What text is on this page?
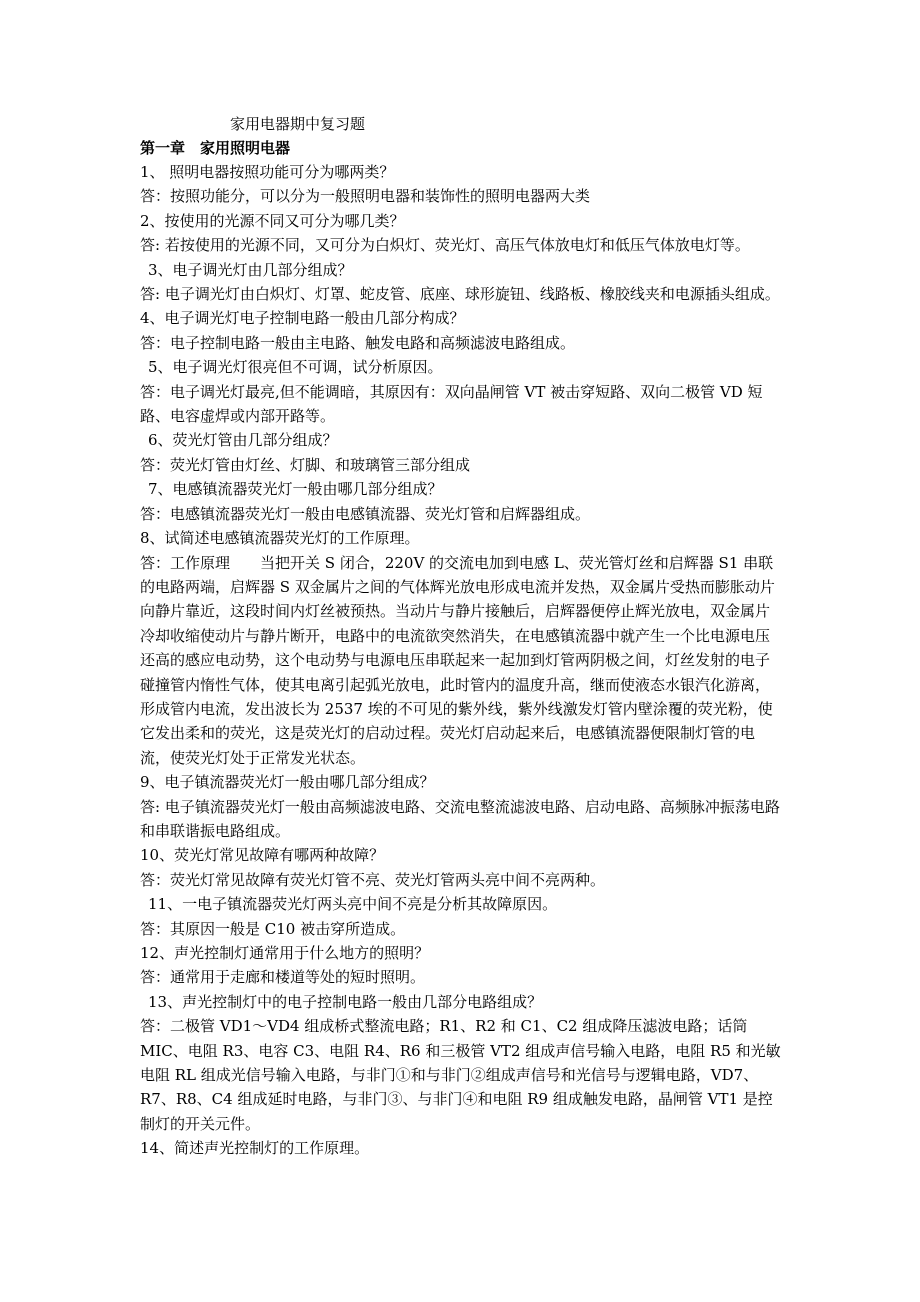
家用电器期中复习题
第一章　家用照明电器

1、 照明电器按照功能可分为哪两类？

答：按照功能分，可以分为一般照明电器和装饰性的照明电器两大类

2、按使用的光源不同又可分为哪几类？

答: 若按使用的光源不同，又可分为白炽灯、荧光灯、高压气体放电灯和低压气体放电灯等。

3、电子调光灯由几部分组成？

答: 电子调光灯由白炽灯、灯罩、蛇皮管、底座、球形旋钮、线路板、橡胶线夹和电源插头组成。

4、电子调光灯电子控制电路一般由几部分构成？

答：电子控制电路一般由主电路、触发电路和高频滤波电路组成。

5、电子调光灯很亮但不可调，试分析原因。

答：电子调光灯最亮,但不能调暗，其原因有：双向晶闸管 VT 被击穿短路、双向二极管 VD 短路、电容虚焊或内部开路等。

6、荧光灯管由几部分组成？

答：荧光灯管由灯丝、灯脚、和玻璃管三部分组成

7、电感镇流器荧光灯一般由哪几部分组成？

答：电感镇流器荧光灯一般由电感镇流器、荧光灯管和启辉器组成。

8、试简述电感镇流器荧光灯的工作原理。

答：工作原理　　当把开关 S 闭合，220V 的交流电加到电感 L、荧光管灯丝和启辉器 S1 串联的电路两端，启辉器 S 双金属片之间的气体辉光放电形成电流并发热，双金属片受热而膨胀动片向静片靠近，这段时间内灯丝被预热。当动片与静片接触后，启辉器便停止辉光放电，双金属片冷却收缩使动片与静片断开，电路中的电流欲突然消失，在电感镇流器中就产生一个比电源电压还高的感应电动势，这个电动势与电源电压串联起来一起加到灯管两阴极之间，灯丝发射的电子碰撞管内惰性气体，使其电离引起弧光放电，此时管内的温度升高，继而使液态水银汽化游离，形成管内电流，发出波长为 2537 埃的不可见的紫外线，紫外线激发灯管内壁涂覆的荧光粉，使它发出柔和的荧光，这是荧光灯的启动过程。荧光灯启动起来后，电感镇流器便限制灯管的电流，使荧光灯处于正常发光状态。

9、电子镇流器荧光灯一般由哪几部分组成？

答: 电子镇流器荧光灯一般由高频滤波电路、交流电整流滤波电路、启动电路、高频脉冲振荡电路和串联谐振电路组成。

10、荧光灯常见故障有哪两种故障？

答：荧光灯常见故障有荧光灯管不亮、荧光灯管两头亮中间不亮两种。

11、一电子镇流器荧光灯两头亮中间不亮是分析其故障原因。

答：其原因一般是 C10 被击穿所造成。

12、声光控制灯通常用于什么地方的照明？

答：通常用于走廊和楼道等处的短时照明。

13、声光控制灯中的电子控制电路一般由几部分电路组成？

答：二极管 VD1～VD4 组成桥式整流电路；R1、R2 和 C1、C2 组成降压滤波电路；话筒 MIC、电阻 R3、电容 C3、电阻 R4、R6 和三极管 VT2 组成声信号输入电路，电阻 R5 和光敏电阻 RL 组成光信号输入电路，与非门①和与非门②组成声信号和光信号与逻辑电路，VD7、R7、R8、C4 组成延时电路，与非门③、与非门④和电阻 R9 组成触发电路，晶闸管 VT1 是控制灯的开关元件。

14、简述声光控制灯的工作原理。
